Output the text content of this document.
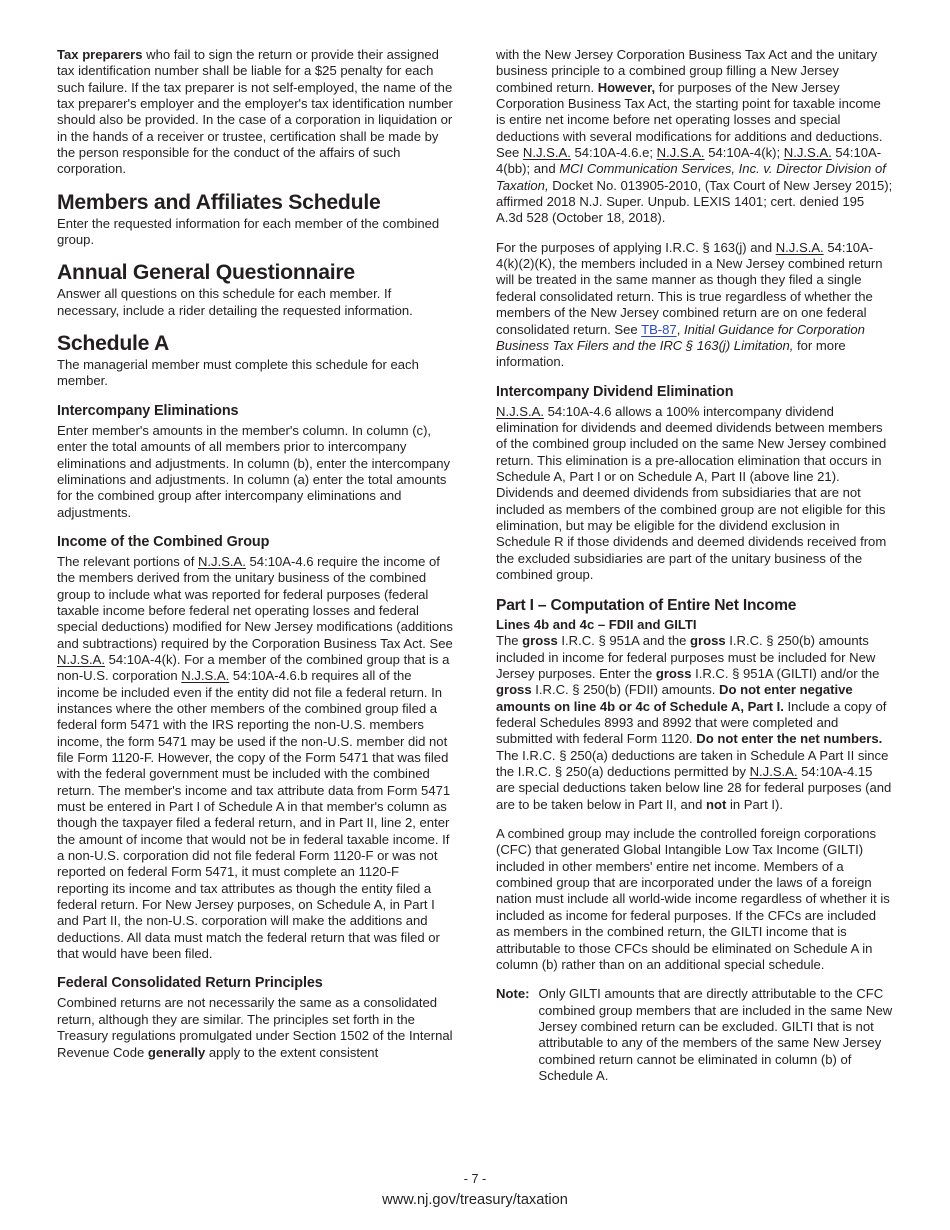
Tax preparers who fail to sign the return or provide their assigned tax identification number shall be liable for a $25 penalty for each such failure. If the tax preparer is not self-employed, the name of the tax preparer's employer and the employer's tax identification number should also be provided. In the case of a corporation in liquidation or in the hands of a receiver or trustee, certification shall be made by the person responsible for the conduct of the affairs of such corporation.

Members and Affiliates Schedule

Enter the requested information for each member of the combined group.

Annual General Questionnaire

Answer all questions on this schedule for each member. If necessary, include a rider detailing the requested information.

Schedule A

The managerial member must complete this schedule for each member.

Intercompany Eliminations

Enter member's amounts in the member's column. In column (c), enter the total amounts of all members prior to intercompany eliminations and adjustments. In column (b), enter the intercompany eliminations and adjustments. In column (a) enter the total amounts for the combined group after intercompany eliminations and adjustments.

Income of the Combined Group

The relevant portions of N.J.S.A. 54:10A-4.6 require the income of the members derived from the unitary business of the combined group to include what was reported for federal purposes (federal taxable income before federal net operating losses and federal special deductions) modified for New Jersey modifications (additions and subtractions) required by the Corporation Business Tax Act. See N.J.S.A. 54:10A-4(k). For a member of the combined group that is a non-U.S. corporation N.J.S.A. 54:10A-4.6.b requires all of the income be included even if the entity did not file a federal return. In instances where the other members of the combined group filed a federal form 5471 with the IRS reporting the non-U.S. members income, the form 5471 may be used if the non-U.S. member did not file Form 1120-F. However, the copy of the Form 5471 that was filed with the federal government must be included with the combined return. The member's income and tax attribute data from Form 5471 must be entered in Part I of Schedule A in that member's column as though the taxpayer filed a federal return, and in Part II, line 2, enter the amount of income that would not be in federal taxable income. If a non-U.S. corporation did not file federal Form 1120-F or was not reported on federal Form 5471, it must complete an 1120-F reporting its income and tax attributes as though the entity filed a federal return. For New Jersey purposes, on Schedule A, in Part I and Part II, the non-U.S. corporation will make the additions and deductions. All data must match the federal return that was filed or that would have been filed.

Federal Consolidated Return Principles

Combined returns are not necessarily the same as a consolidated return, although they are similar. The principles set forth in the Treasury regulations promulgated under Section 1502 of the Internal Revenue Code generally apply to the extent consistent

with the New Jersey Corporation Business Tax Act and the unitary business principle to a combined group filling a New Jersey combined return. However, for purposes of the New Jersey Corporation Business Tax Act, the starting point for taxable income is entire net income before net operating losses and special deductions with several modifications for additions and deductions. See N.J.S.A. 54:10A-4.6.e; N.J.S.A. 54:10A-4(k); N.J.S.A. 54:10A-4(bb); and MCI Communication Services, Inc. v. Director Division of Taxation, Docket No. 013905-2010, (Tax Court of New Jersey 2015); affirmed 2018 N.J. Super. Unpub. LEXIS 1401; cert. denied 195 A.3d 528 (October 18, 2018).

For the purposes of applying I.R.C. § 163(j) and N.J.S.A. 54:10A-4(k)(2)(K), the members included in a New Jersey combined return will be treated in the same manner as though they filed a single federal consolidated return. This is true regardless of whether the members of the New Jersey combined return are on one federal consolidated return. See TB-87, Initial Guidance for Corporation Business Tax Filers and the IRC § 163(j) Limitation, for more information.

Intercompany Dividend Elimination

N.J.S.A. 54:10A-4.6 allows a 100% intercompany dividend elimination for dividends and deemed dividends between members of the combined group included on the same New Jersey combined return. This elimination is a pre-allocation elimination that occurs in Schedule A, Part I or on Schedule A, Part II (above line 21). Dividends and deemed dividends from subsidiaries that are not included as members of the combined group are not eligible for this elimination, but may be eligible for the dividend exclusion in Schedule R if those dividends and deemed dividends received from the excluded subsidiaries are part of the unitary business of the combined group.

Part I – Computation of Entire Net Income
Lines 4b and 4c – FDII and GILTI

The gross I.R.C. § 951A and the gross I.R.C. § 250(b) amounts included in income for federal purposes must be included for New Jersey purposes. Enter the gross I.R.C. § 951A (GILTI) and/or the gross I.R.C. § 250(b) (FDII) amounts. Do not enter negative amounts on line 4b or 4c of Schedule A, Part I. Include a copy of federal Schedules 8993 and 8992 that were completed and submitted with federal Form 1120. Do not enter the net numbers. The I.R.C. § 250(a) deductions are taken in Schedule A Part II since the I.R.C. § 250(a) deductions permitted by N.J.S.A. 54:10A-4.15 are special deductions taken below line 28 for federal purposes (and are to be taken below in Part II, and not in Part I).

A combined group may include the controlled foreign corporations (CFC) that generated Global Intangible Low Tax Income (GILTI) included in other members' entire net income. Members of a combined group that are incorporated under the laws of a foreign nation must include all world-wide income regardless of whether it is included as income for federal purposes. If the CFCs are included as members in the combined return, the GILTI income that is attributable to those CFCs should be eliminated on Schedule A in column (b) rather than on an additional special schedule.

Note: Only GILTI amounts that are directly attributable to the CFC combined group members that are included in the same New Jersey combined return can be excluded. GILTI that is not attributable to any of the members of the same New Jersey combined return cannot be eliminated in column (b) of Schedule A.
- 7 -
www.nj.gov/treasury/taxation
